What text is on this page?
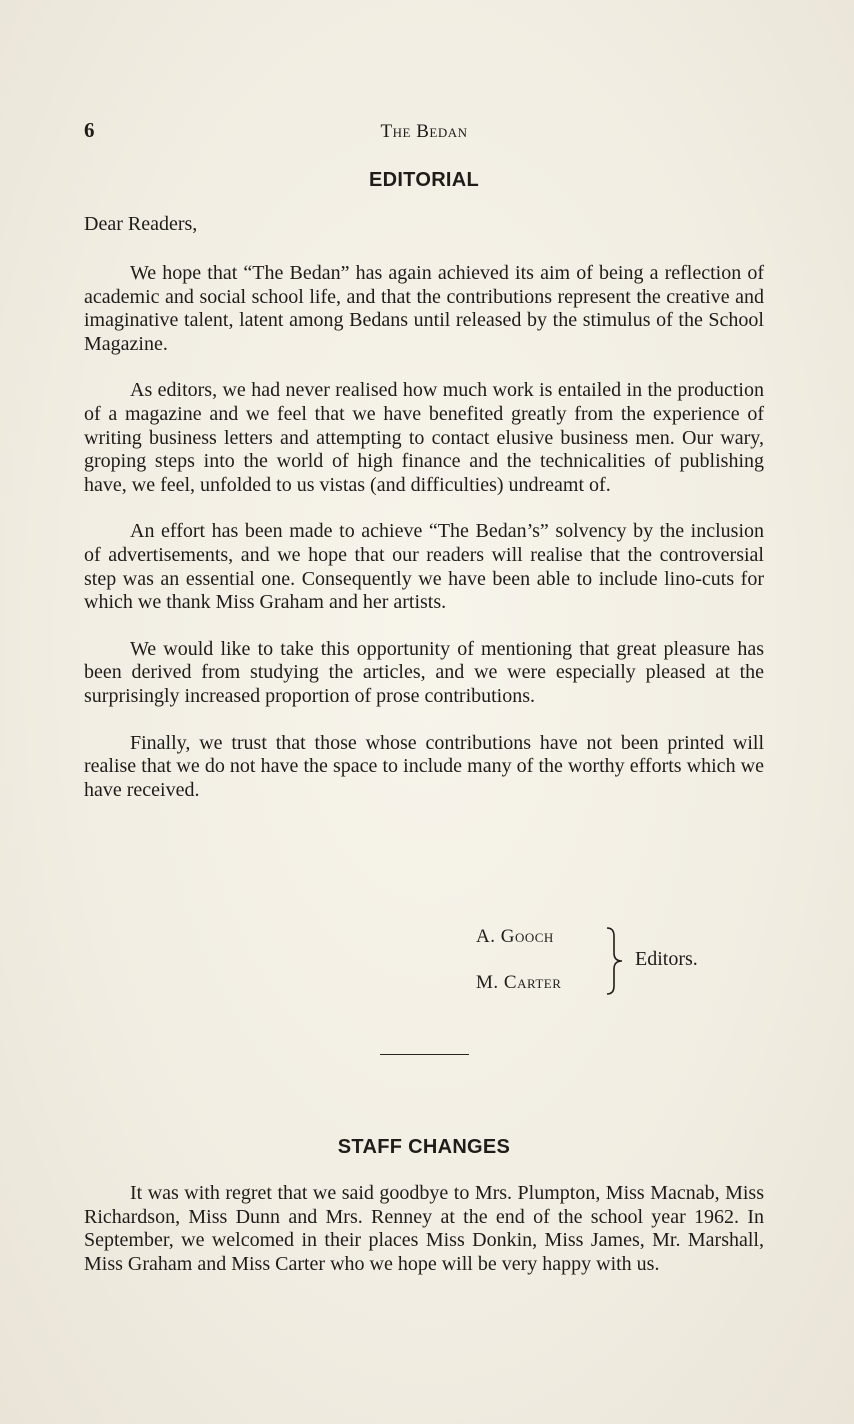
6	The Bedan
EDITORIAL
Dear Readers,

We hope that “The Bedan” has again achieved its aim of being a reflection of academic and social school life, and that the contributions represent the creative and imaginative talent, latent among Bedans until released by the stimulus of the School Magazine.

As editors, we had never realised how much work is entailed in the production of a magazine and we feel that we have benefited greatly from the experience of writing business letters and attempting to contact elusive business men. Our wary, groping steps into the world of high finance and the technicalities of publishing have, we feel, unfolded to us vistas (and difficulties) undreamt of.

An effort has been made to achieve “The Bedan’s” solvency by the inclusion of advertisements, and we hope that our readers will realise that the controversial step was an essential one. Consequently we have been able to include lino-cuts for which we thank Miss Graham and her artists.

We would like to take this opportunity of mentioning that great pleasure has been derived from studying the articles, and we were especially pleased at the surprisingly increased proportion of prose contributions.

Finally, we trust that those whose contributions have not been printed will realise that we do not have the space to include many of the worthy efforts which we have received.

A. Gooch
M. Carter
Editors.
STAFF CHANGES

It was with regret that we said goodbye to Mrs. Plumpton, Miss Macnab, Miss Richardson, Miss Dunn and Mrs. Renney at the end of the school year 1962. In September, we welcomed in their places Miss Donkin, Miss James, Mr. Marshall, Miss Graham and Miss Carter who we hope will be very happy with us.
